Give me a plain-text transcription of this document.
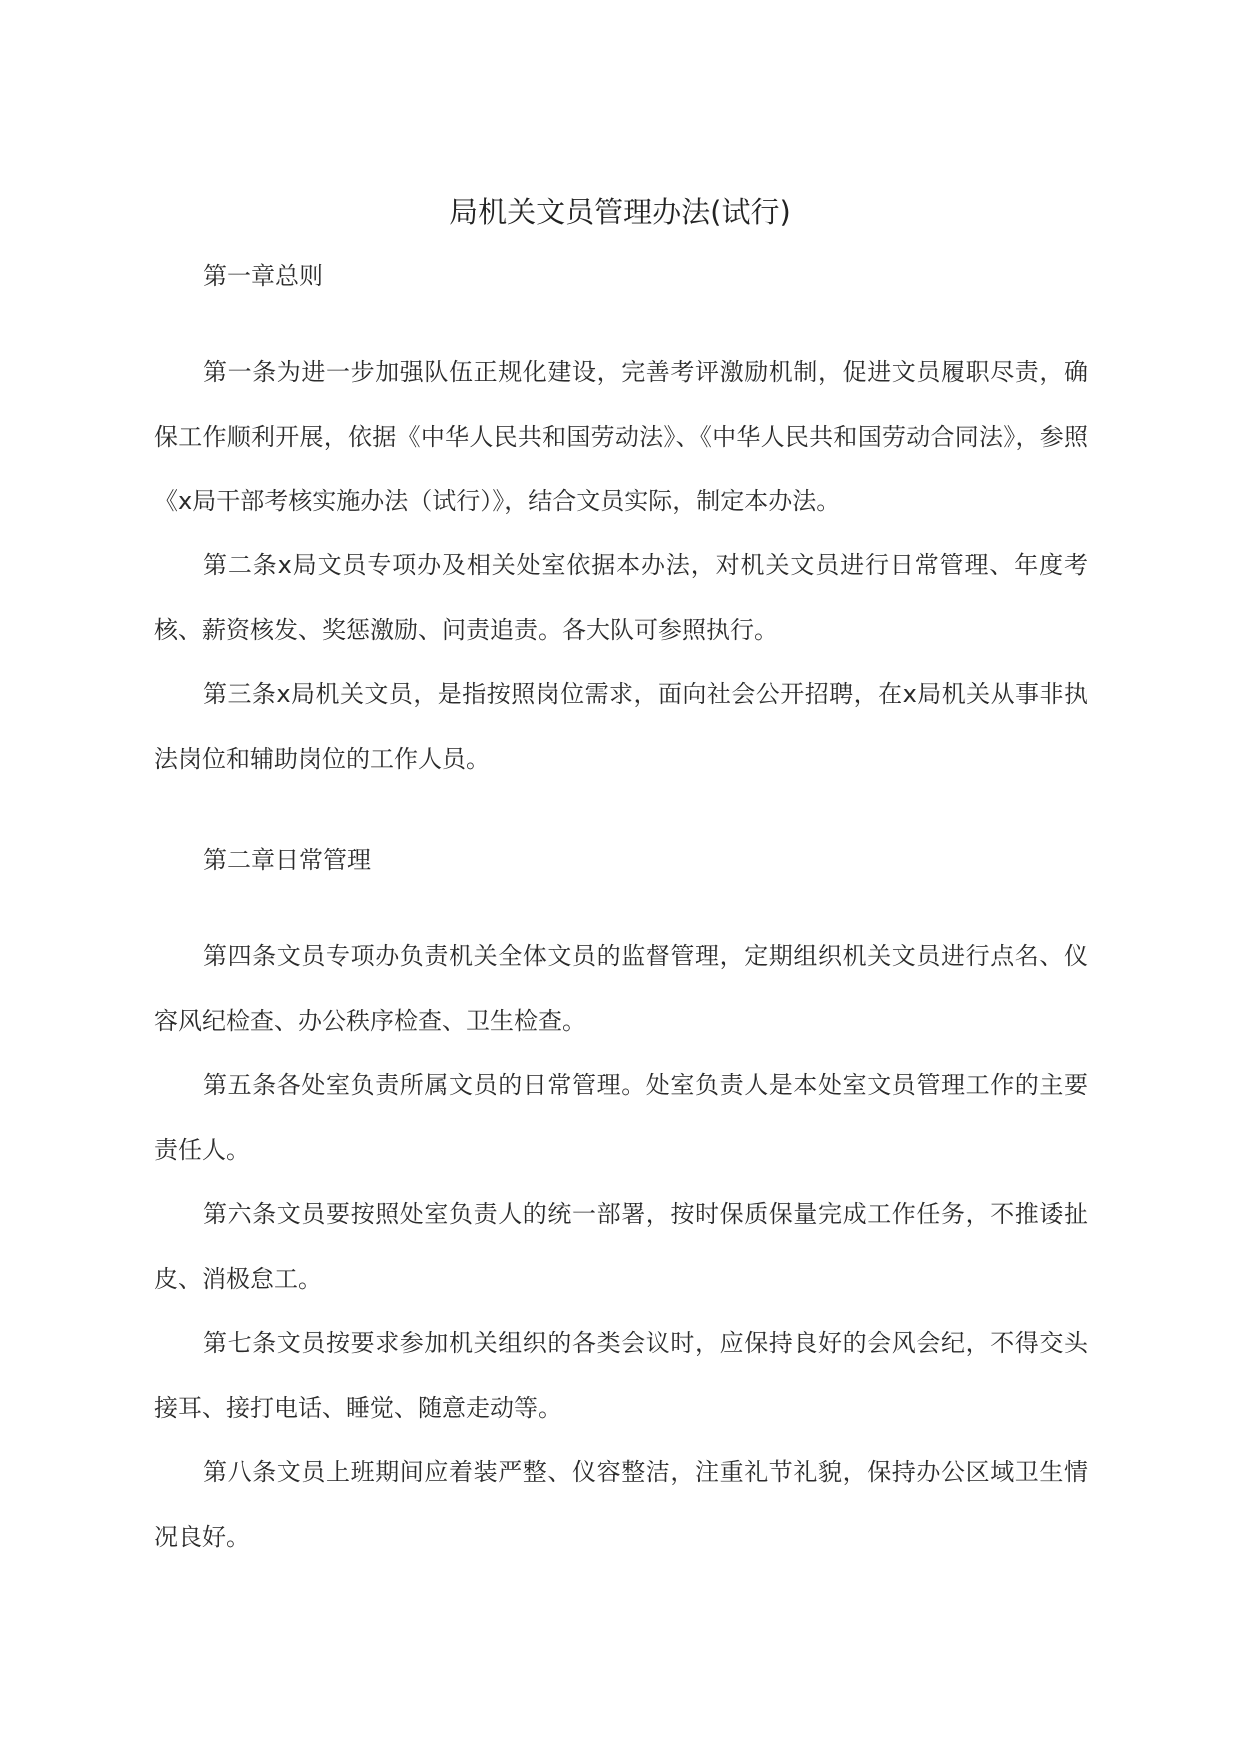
局机关文员管理办法(试行)
第一章总则
第一条为进一步加强队伍正规化建设，完善考评激励机制，促进文员履职尽责，确保工作顺利开展，依据《中华人民共和国劳动法》、《中华人民共和国劳动合同法》，参照《x局干部考核实施办法（试行）》，结合文员实际，制定本办法。
第二条x局文员专项办及相关处室依据本办法，对机关文员进行日常管理、年度考核、薪资核发、奖惩激励、问责追责。各大队可参照执行。
第三条x局机关文员，是指按照岗位需求，面向社会公开招聘，在x局机关从事非执法岗位和辅助岗位的工作人员。
第二章日常管理
第四条文员专项办负责机关全体文员的监督管理，定期组织机关文员进行点名、仪容风纪检查、办公秩序检查、卫生检查。
第五条各处室负责所属文员的日常管理。处室负责人是本处室文员管理工作的主要责任人。
第六条文员要按照处室负责人的统一部署，按时保质保量完成工作任务，不推诿扯皮、消极怠工。
第七条文员按要求参加机关组织的各类会议时，应保持良好的会风会纪，不得交头接耳、接打电话、睡觉、随意走动等。
第八条文员上班期间应着装严整、仪容整洁，注重礼节礼貌，保持办公区域卫生情况良好。
